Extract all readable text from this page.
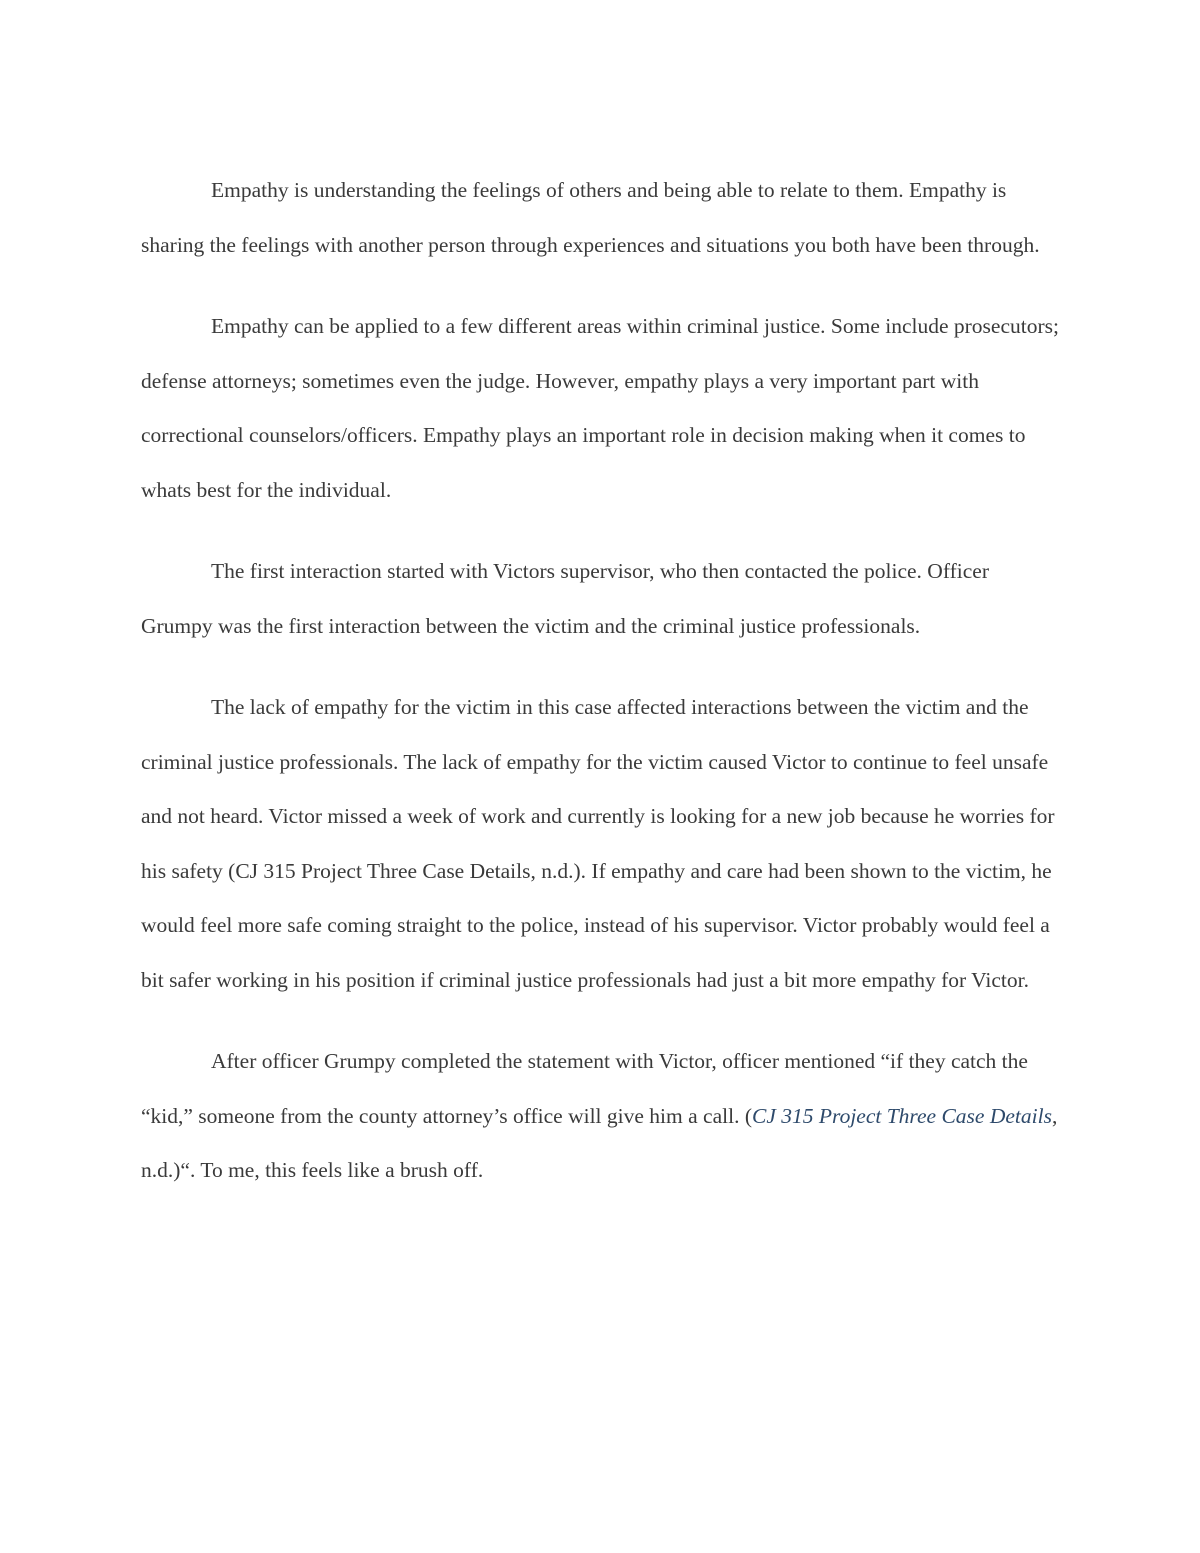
Empathy is understanding the feelings of others and being able to relate to them. Empathy is sharing the feelings with another person through experiences and situations you both have been through.

Empathy can be applied to a few different areas within criminal justice. Some include prosecutors; defense attorneys; sometimes even the judge. However, empathy plays a very important part with correctional counselors/officers. Empathy plays an important role in decision making when it comes to whats best for the individual.

The first interaction started with Victors supervisor, who then contacted the police. Officer Grumpy was the first interaction between the victim and the criminal justice professionals.

The lack of empathy for the victim in this case affected interactions between the victim and the criminal justice professionals. The lack of empathy for the victim caused Victor to continue to feel unsafe and not heard. Victor missed a week of work and currently is looking for a new job because he worries for his safety (CJ 315 Project Three Case Details, n.d.). If empathy and care had been shown to the victim, he would feel more safe coming straight to the police, instead of his supervisor. Victor probably would feel a bit safer working in his position if criminal justice professionals had just a bit more empathy for Victor.

After officer Grumpy completed the statement with Victor, officer mentioned “if they catch the “kid,” someone from the county attorney’s office will give him a call. (CJ 315 Project Three Case Details, n.d.)“. To me, this feels like a brush off.
